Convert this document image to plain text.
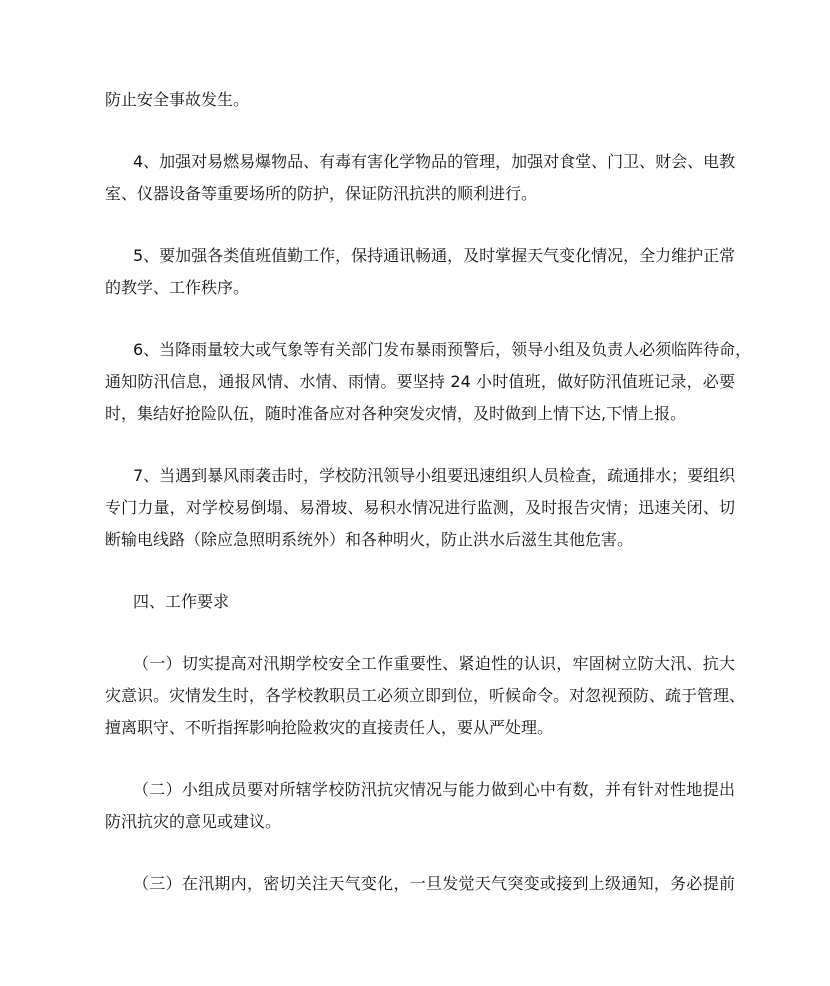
防止安全事故发生。
4、加强对易燃易爆物品、有毒有害化学物品的管理，加强对食堂、门卫、财会、电教
室、仪器设备等重要场所的防护，保证防汛抗洪的顺利进行。
5、要加强各类值班值勤工作，保持通讯畅通，及时掌握天气变化情况，全力维护正常
的教学、工作秩序。
6、当降雨量较大或气象等有关部门发布暴雨预警后，领导小组及负责人必须临阵待命，
通知防汛信息，通报风情、水情、雨情。要坚持 24 小时值班，做好防汛值班记录，必要
时，集结好抢险队伍，随时准备应对各种突发灾情，及时做到上情下达,下情上报。
7、当遇到暴风雨袭击时，学校防汛领导小组要迅速组织人员检查，疏通排水；要组织
专门力量，对学校易倒塌、易滑坡、易积水情况进行监测，及时报告灾情；迅速关闭、切
断输电线路（除应急照明系统外）和各种明火，防止洪水后滋生其他危害。
四、工作要求
（一）切实提高对汛期学校安全工作重要性、紧迫性的认识，牢固树立防大汛、抗大
灾意识。灾情发生时，各学校教职员工必须立即到位，听候命令。对忽视预防、疏于管理、
擅离职守、不听指挥影响抢险救灾的直接责任人，要从严处理。
（二）小组成员要对所辖学校防汛抗灾情况与能力做到心中有数，并有针对性地提出
防汛抗灾的意见或建议。
（三）在汛期内，密切关注天气变化，一旦发觉天气突变或接到上级通知，务必提前
